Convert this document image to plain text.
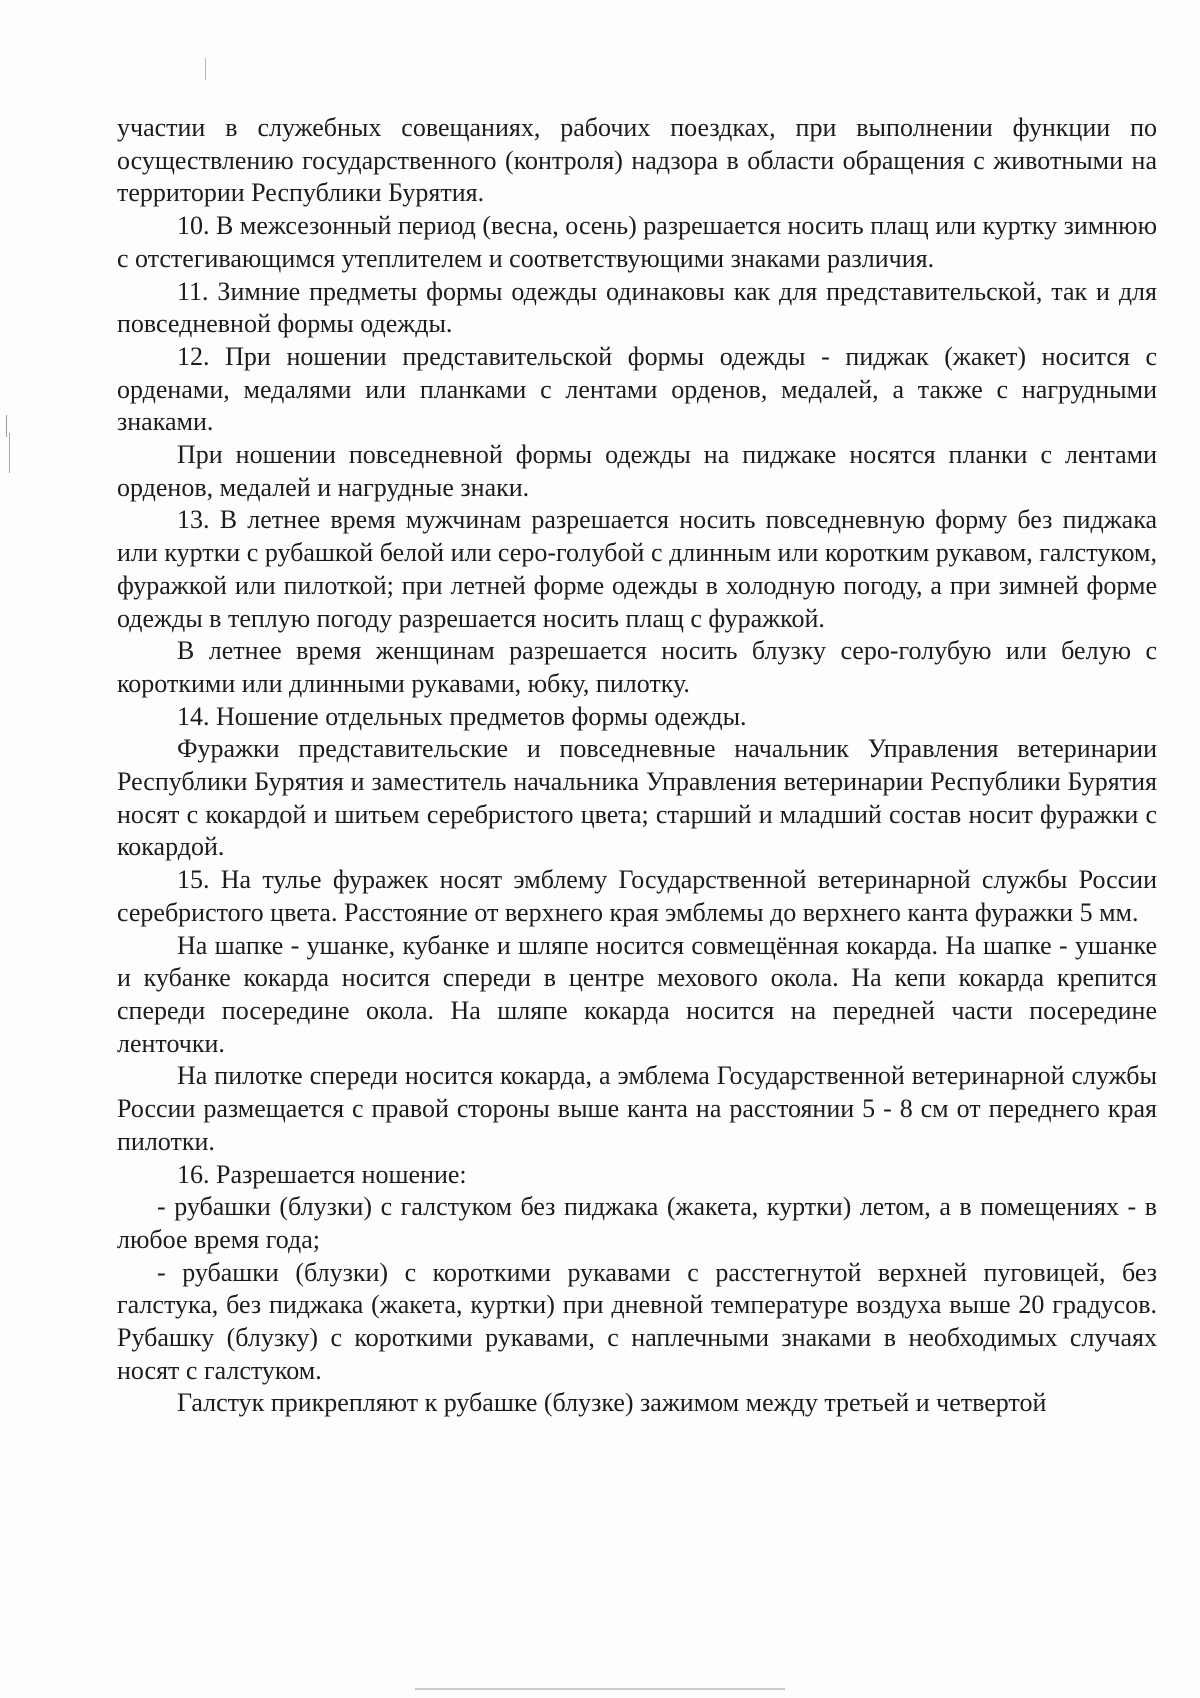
участии в служебных совещаниях, рабочих поездках, при выполнении функции по осуществлению государственного (контроля) надзора в области обращения с животными на территории Республики Бурятия.

10. В межсезонный период (весна, осень) разрешается носить плащ или куртку зимнюю с отстегивающимся утеплителем и соответствующими знаками различия.

11. Зимние предметы формы одежды одинаковы как для представительской, так и для повседневной формы одежды.

12. При ношении представительской формы одежды - пиджак (жакет) носится с орденами, медалями или планками с лентами орденов, медалей, а также с нагрудными знаками.

При ношении повседневной формы одежды на пиджаке носятся планки с лентами орденов, медалей и нагрудные знаки.

13. В летнее время мужчинам разрешается носить повседневную форму без пиджака или куртки с рубашкой белой или серо-голубой с длинным или коротким рукавом, галстуком, фуражкой или пилоткой; при летней форме одежды в холодную погоду, а при зимней форме одежды в теплую погоду разрешается носить плащ с фуражкой.

В летнее время женщинам разрешается носить блузку серо-голубую или белую с короткими или длинными рукавами, юбку, пилотку.

14. Ношение отдельных предметов формы одежды.

Фуражки представительские и повседневные начальник Управления ветеринарии Республики Бурятия и заместитель начальника Управления ветеринарии Республики Бурятия носят с кокардой и шитьем серебристого цвета; старший и младший состав носит фуражки с кокардой.

15. На тулье фуражек носят эмблему Государственной ветеринарной службы России серебристого цвета. Расстояние от верхнего края эмблемы до верхнего канта фуражки 5 мм.

На шапке - ушанке, кубанке и шляпе носится совмещённая кокарда. На шапке - ушанке и кубанке кокарда носится спереди в центре мехового окола. На кепи кокарда крепится спереди посередине окола. На шляпе кокарда носится на передней части посередине ленточки.

На пилотке спереди носится кокарда, а эмблема Государственной ветеринарной службы России размещается с правой стороны выше канта на расстоянии 5 - 8 см от переднего края пилотки.

16. Разрешается ношение:

- рубашки (блузки) с галстуком без пиджака (жакета, куртки) летом, а в помещениях - в любое время года;

- рубашки (блузки) с короткими рукавами с расстегнутой верхней пуговицей, без галстука, без пиджака (жакета, куртки) при дневной температуре воздуха выше 20 градусов. Рубашку (блузку) с короткими рукавами, с наплечными знаками в необходимых случаях носят с галстуком.

Галстук прикрепляют к рубашке (блузке) зажимом между третьей и четвертой
